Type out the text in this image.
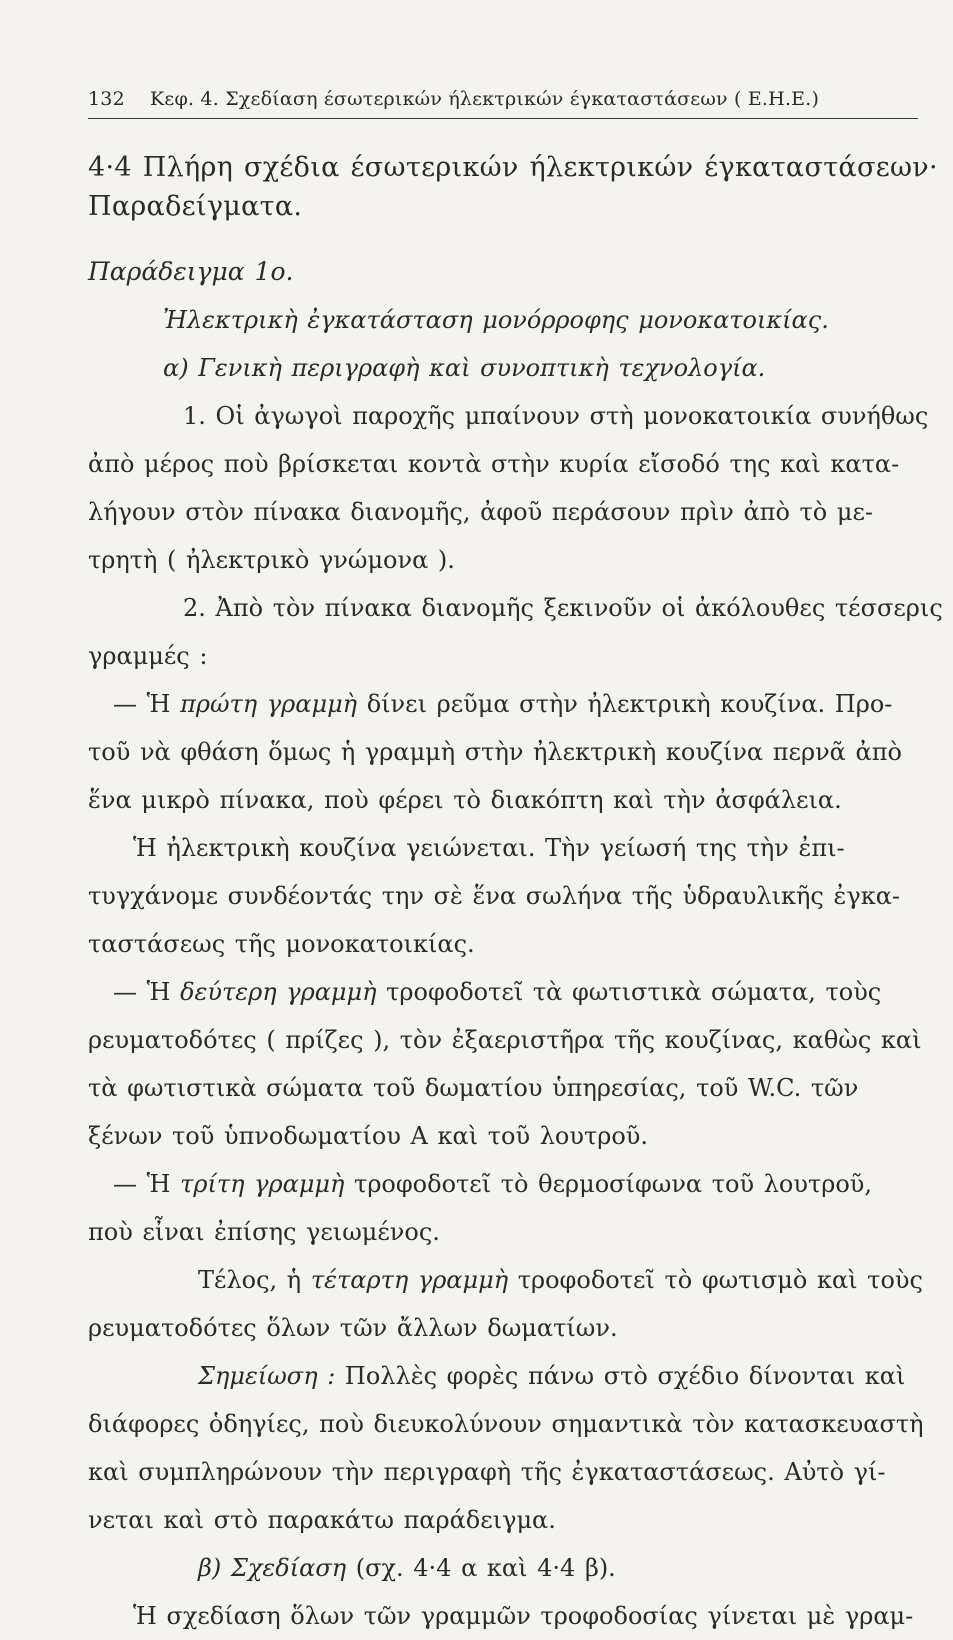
132 Κεφ. 4. Σχεδίαση έσωτερικών ήλεκτρικών έγκαταστάσεων ( Ε.Η.Ε.)

4·4 Πλήρη σχέδια έσωτερικών ήλεκτρικών έγκαταστάσεων·

Παραδείγματα.

Παράδειγμα 1ο.

Ἠλεκτρικὴ ἐγκατάσταση μονόρροφης μονοκατοικίας.

α) Γενικὴ περιγραφὴ καὶ συνοπτικὴ τεχνολογία.

1. Οἱ ἀγωγοὶ παροχῆς μπαίνουν στὴ μονοκατοικία συνήθως

ἀπὸ μέρος ποὺ βρίσκεται κοντὰ στὴν κυρία εἴσοδό της καὶ κατα-

λήγουν στὸν πίνακα διανομῆς, ἀφοῦ περάσουν πρὶν ἀπὸ τὸ με-

τρητὴ ( ἠλεκτρικὸ γνώμονα ).

2. Ἀπὸ τὸν πίνακα διανομῆς ξεκινοῦν οἱ ἀκόλουθες τέσσερις

γραμμές :

— Ἡ πρώτη γραμμὴ δίνει ρεῦμα στὴν ἠλεκτρικὴ κουζίνα. Προ-

τοῦ νὰ φθάση ὅμως ἡ γραμμὴ στὴν ἠλεκτρικὴ κουζίνα περνᾶ ἀπὸ

ἕνα μικρὸ πίνακα, ποὺ φέρει τὸ διακόπτη καὶ τὴν ἀσφάλεια.

Ἡ ἠλεκτρικὴ κουζίνα γειώνεται. Τὴν γείωσή της τὴν ἐπι-

τυγχάνομε συνδέοντάς την σὲ ἕνα σωλήνα τῆς ὑδραυλικῆς ἐγκα-

ταστάσεως τῆς μονοκατοικίας.

— Ἡ δεύτερη γραμμὴ τροφοδοτεῖ τὰ φωτιστικὰ σώματα, τοὺς

ρευματοδότες ( πρίζες ), τὸν ἐξαεριστῆρα τῆς κουζίνας, καθὼς καὶ

τὰ φωτιστικὰ σώματα τοῦ δωματίου ὑπηρεσίας, τοῦ W.C. τῶν

ξένων τοῦ ὑπνοδωματίου Α καὶ τοῦ λουτροῦ.

— Ἡ τρίτη γραμμὴ τροφοδοτεῖ τὸ θερμοσίφωνα τοῦ λουτροῦ,

ποὺ εἶναι ἐπίσης γειωμένος.

Τέλος, ἡ τέταρτη γραμμὴ τροφοδοτεῖ τὸ φωτισμὸ καὶ τοὺς

ρευματοδότες ὅλων τῶν ἄλλων δωματίων.

Σημείωση : Πολλὲς φορὲς πάνω στὸ σχέδιο δίνονται καὶ

διάφορες ὁδηγίες, ποὺ διευκολύνουν σημαντικὰ τὸν κατασκευαστὴ

καὶ συμπληρώνουν τὴν περιγραφὴ τῆς ἐγκαταστάσεως. Αὐτὸ γί-

νεται καὶ στὸ παρακάτω παράδειγμα.

β) Σχεδίαση (σχ. 4·4 α καὶ 4·4 β).

Ἡ σχεδίαση ὅλων τῶν γραμμῶν τροφοδοσίας γίνεται μὲ γραμ-
